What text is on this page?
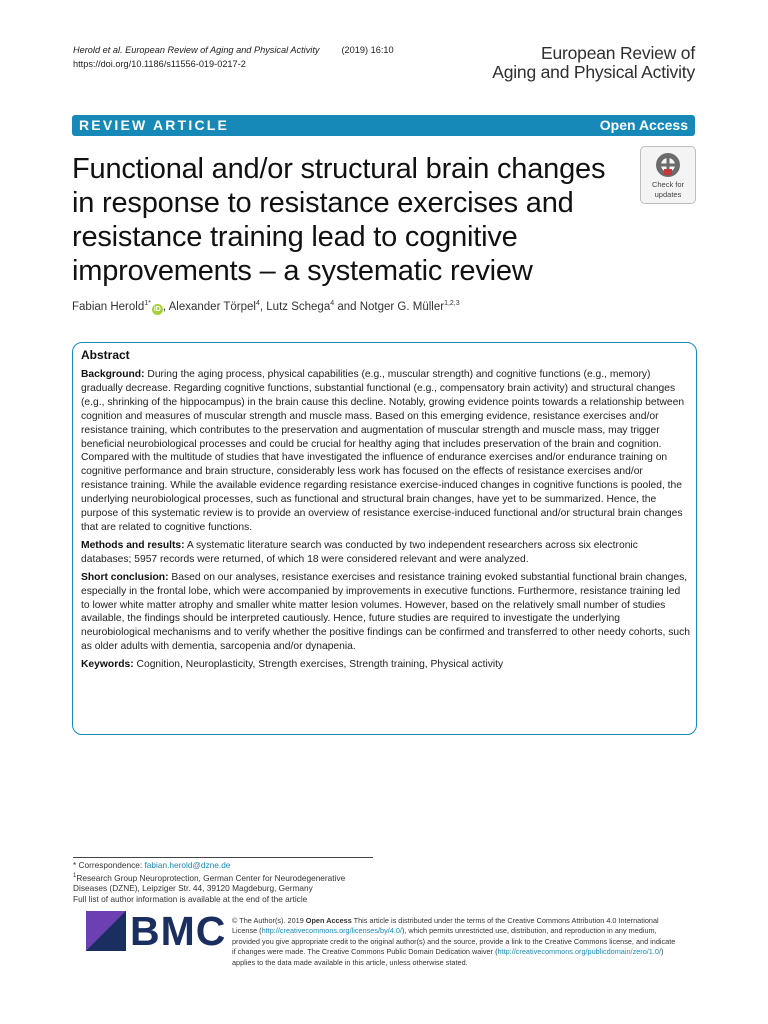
Herold et al. European Review of Aging and Physical Activity (2019) 16:10
https://doi.org/10.1186/s11556-019-0217-2
European Review of
Aging and Physical Activity
REVIEW ARTICLE	Open Access
Functional and/or structural brain changes in response to resistance exercises and resistance training lead to cognitive improvements – a systematic review
Check for
updates
Fabian Herold$^{1*}$iD , Alexander Törpel$^4$, Lutz Schega$^4$ and Notger G. Müller$^{1,2,3}$
Abstract

Background: During the aging process, physical capabilities (e.g., muscular strength) and cognitive functions (e.g., memory) gradually decrease. Regarding cognitive functions, substantial functional (e.g., compensatory brain activity) and structural changes (e.g., shrinking of the hippocampus) in the brain cause this decline. Notably, growing evidence points towards a relationship between cognition and measures of muscular strength and muscle mass. Based on this emerging evidence, resistance exercises and/or resistance training, which contributes to the preservation and augmentation of muscular strength and muscle mass, may trigger beneficial neurobiological processes and could be crucial for healthy aging that includes preservation of the brain and cognition. Compared with the multitude of studies that have investigated the influence of endurance exercises and/or endurance training on cognitive performance and brain structure, considerably less work has focused on the effects of resistance exercises and/or resistance training. While the available evidence regarding resistance exercise-induced changes in cognitive functions is pooled, the underlying neurobiological processes, such as functional and structural brain changes, have yet to be summarized. Hence, the purpose of this systematic review is to provide an overview of resistance exercise-induced functional and/or structural brain changes that are related to cognitive functions.

Methods and results: A systematic literature search was conducted by two independent researchers across six electronic databases; 5957 records were returned, of which 18 were considered relevant and were analyzed.

Short conclusion: Based on our analyses, resistance exercises and resistance training evoked substantial functional brain changes, especially in the frontal lobe, which were accompanied by improvements in executive functions. Furthermore, resistance training led to lower white matter atrophy and smaller white matter lesion volumes. However, based on the relatively small number of studies available, the findings should be interpreted cautiously. Hence, future studies are required to investigate the underlying neurobiological mechanisms and to verify whether the positive findings can be confirmed and transferred to other needy cohorts, such as older adults with dementia, sarcopenia and/or dynapenia.

Keywords: Cognition, Neuroplasticity, Strength exercises, Strength training, Physical activity

* Correspondence: fabian.herold@dzne.de
$^1$Research Group Neuroprotection, German Center for Neurodegenerative
Diseases (DZNE), Leipziger Str. 44, 39120 Magdeburg, Germany
Full list of author information is available at the end of the article
BMC © The Author(s). 2019 Open Access This article is distributed under the terms of the Creative Commons Attribution 4.0 International License (http://creativecommons.org/licenses/by/4.0/), which permits unrestricted use, distribution, and reproduction in any medium, provided you give appropriate credit to the original author(s) and the source, provide a link to the Creative Commons license, and indicate if changes were made. The Creative Commons Public Domain Dedication waiver (http://creativecommons.org/publicdomain/zero/1.0/) applies to the data made available in this article, unless otherwise stated.
